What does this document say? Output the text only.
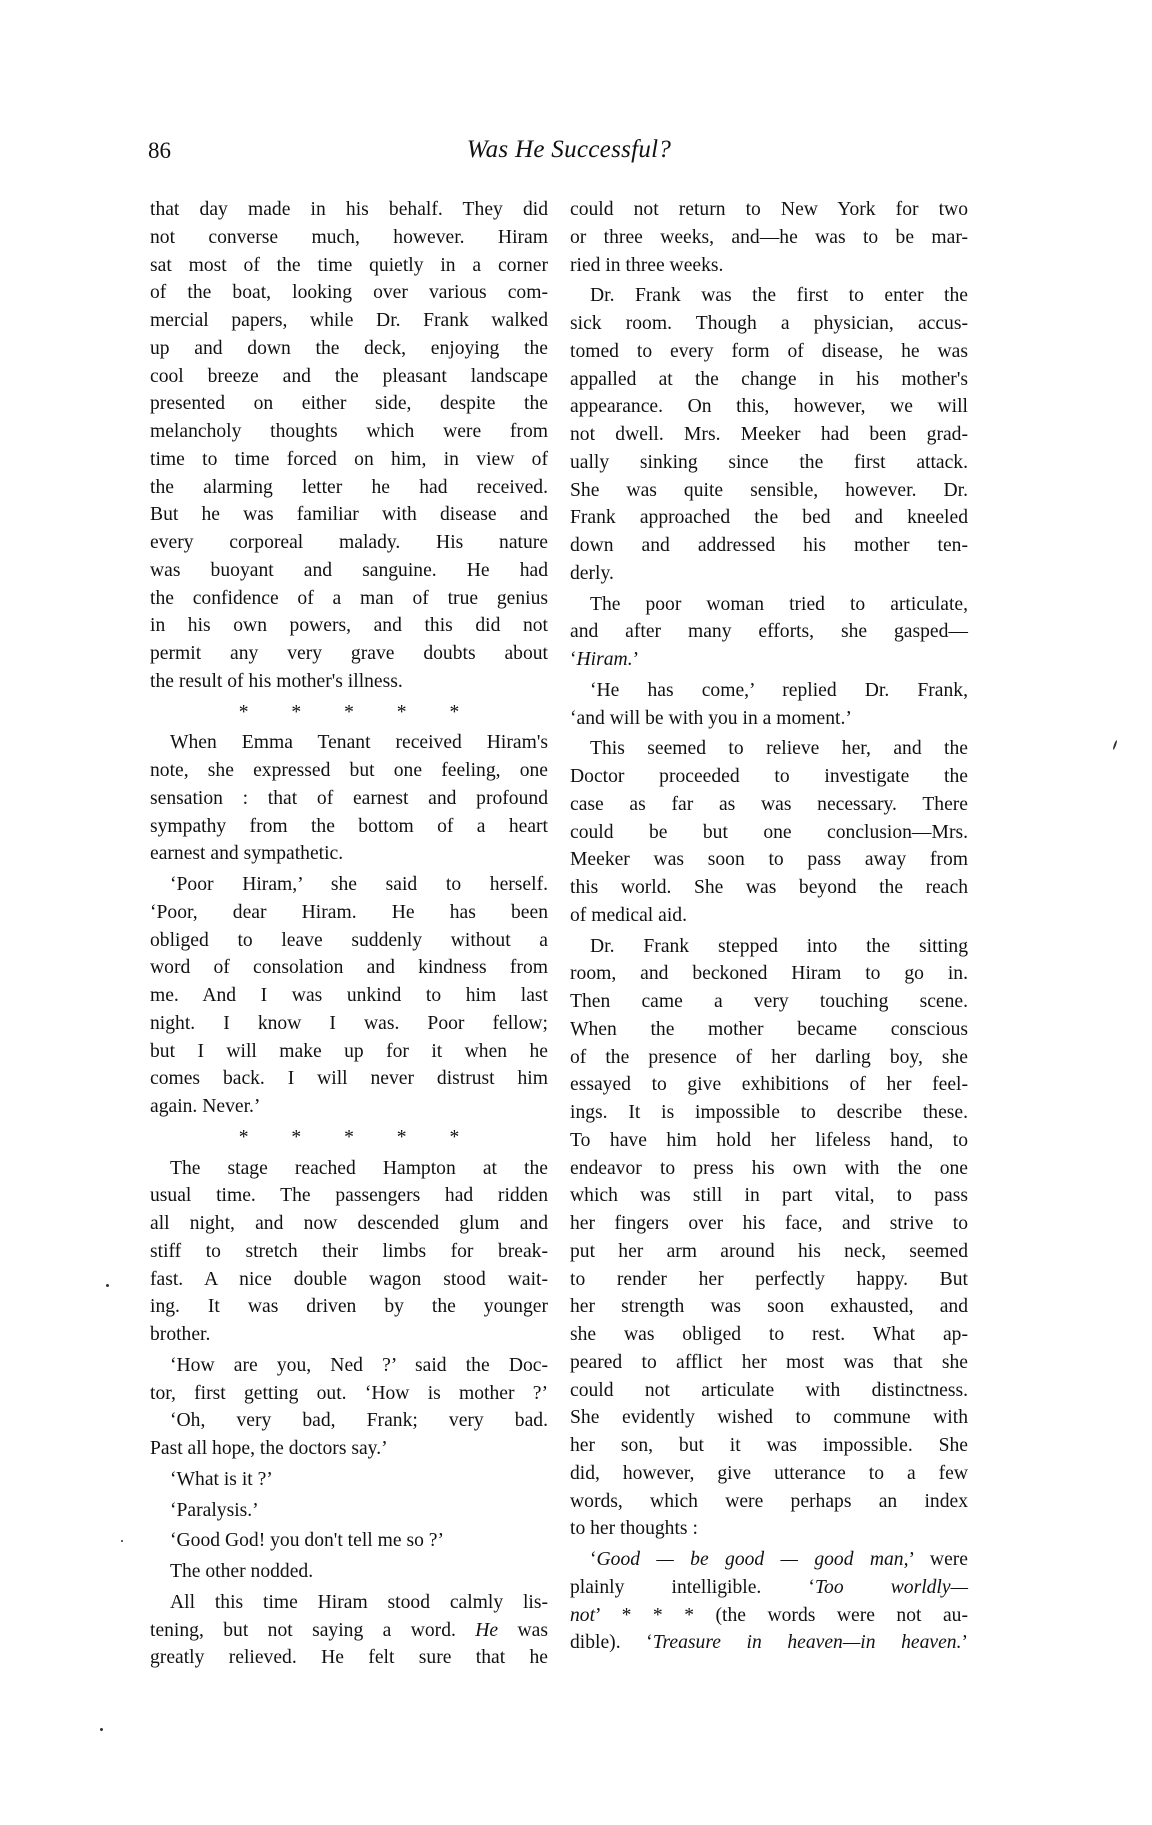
86	Was He Successful?
that day made in his behalf. They did
not converse much, however. Hiram
sat most of the time quietly in a corner
of the boat, looking over various com-
mercial papers, while Dr. Frank walked
up and down the deck, enjoying the
cool breeze and the pleasant landscape
presented on either side, despite the
melancholy thoughts which were from
time to time forced on him, in view of
the alarming letter he had received.
But he was familiar with disease and
every corporeal malady. His nature
was buoyant and sanguine. He had
the confidence of a man of true genius
in his own powers, and this did not
permit any very grave doubts about
the result of his mother's illness.
* * * * *
When Emma Tenant received Hiram's
note, she expressed but one feeling, one
sensation : that of earnest and profound
sympathy from the bottom of a heart
earnest and sympathetic.
‘Poor Hiram,’ she said to herself.
‘Poor, dear Hiram. He has been
obliged to leave suddenly without a
word of consolation and kindness from
me. And I was unkind to him last
night. I know I was. Poor fellow;
but I will make up for it when he
comes back. I will never distrust him
again. Never.’
* * * * *
The stage reached Hampton at the
usual time. The passengers had ridden
all night, and now descended glum and
stiff to stretch their limbs for break-
fast. A nice double wagon stood wait-
ing. It was driven by the younger
brother.
‘How are you, Ned ?’ said the Doc-
tor, first getting out. ‘How is mother ?’
‘Oh, very bad, Frank; very bad.
Past all hope, the doctors say.’
‘What is it ?’
‘Paralysis.’
‘Good God! you don't tell me so ?’
The other nodded.
All this time Hiram stood calmly lis-
tening, but not saying a word. He was
greatly relieved. He felt sure that he
could not return to New York for two
or three weeks, and—he was to be mar-
ried in three weeks.
Dr. Frank was the first to enter the
sick room. Though a physician, accus-
tomed to every form of disease, he was
appalled at the change in his mother's
appearance. On this, however, we will
not dwell. Mrs. Meeker had been grad-
ually sinking since the first attack.
She was quite sensible, however. Dr.
Frank approached the bed and kneeled
down and addressed his mother ten-
derly.
The poor woman tried to articulate,
and after many efforts, she gasped—
‘Hiram.’
‘He has come,’ replied Dr. Frank,
‘and will be with you in a moment.’
This seemed to relieve her, and the
Doctor proceeded to investigate the
case as far as was necessary. There
could be but one conclusion—Mrs.
Meeker was soon to pass away from
this world. She was beyond the reach
of medical aid.
Dr. Frank stepped into the sitting
room, and beckoned Hiram to go in.
Then came a very touching scene.
When the mother became conscious
of the presence of her darling boy, she
essayed to give exhibitions of her feel-
ings. It is impossible to describe these.
To have him hold her lifeless hand, to
endeavor to press his own with the one
which was still in part vital, to pass
her fingers over his face, and strive to
put her arm around his neck, seemed
to render her perfectly happy. But
her strength was soon exhausted, and
she was obliged to rest. What ap-
peared to afflict her most was that she
could not articulate with distinctness.
She evidently wished to commune with
her son, but it was impossible. She
did, however, give utterance to a few
words, which were perhaps an index
to her thoughts :
‘Good — be good — good man,’ were
plainly intelligible. ‘Too worldly—
not’ * * * (the words were not au-
dible). ‘Treasure in heaven—in heaven.’
